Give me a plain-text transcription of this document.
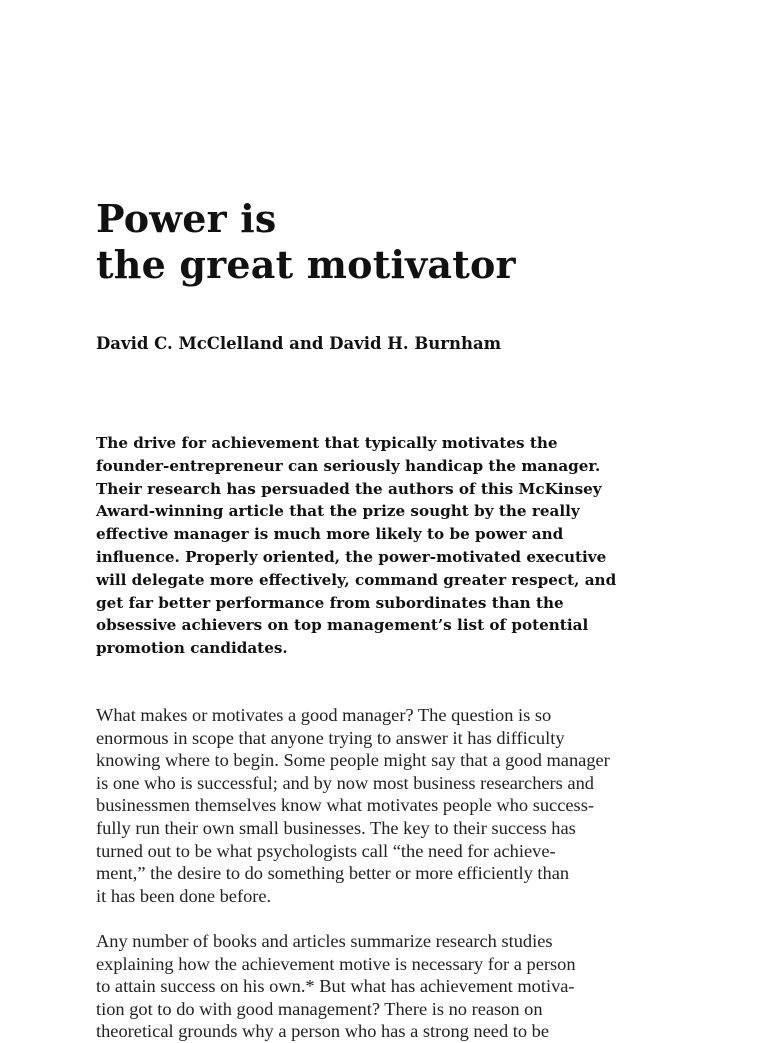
Power is
the great motivator

David C. McClelland and David H. Burnham

The drive for achievement that typically motivates the
founder-entrepreneur can seriously handicap the manager.
Their research has persuaded the authors of this McKinsey
Award-winning article that the prize sought by the really
effective manager is much more likely to be power and
influence. Properly oriented, the power-motivated executive
will delegate more effectively, command greater respect, and
get far better performance from subordinates than the
obsessive achievers on top management’s list of potential
promotion candidates.
What makes or motivates a good manager? The question is so
enormous in scope that anyone trying to answer it has difficulty
knowing where to begin. Some people might say that a good manager
is one who is successful; and by now most business researchers and
businessmen themselves know what motivates people who success-
fully run their own small businesses. The key to their success has
turned out to be what psychologists call “the need for achieve-
ment,” the desire to do something better or more efficiently than
it has been done before.
Any number of books and articles summarize research studies
explaining how the achievement motive is necessary for a person
to attain success on his own.* But what has achievement motiva-
tion got to do with good management? There is no reason on
theoretical grounds why a person who has a strong need to be
